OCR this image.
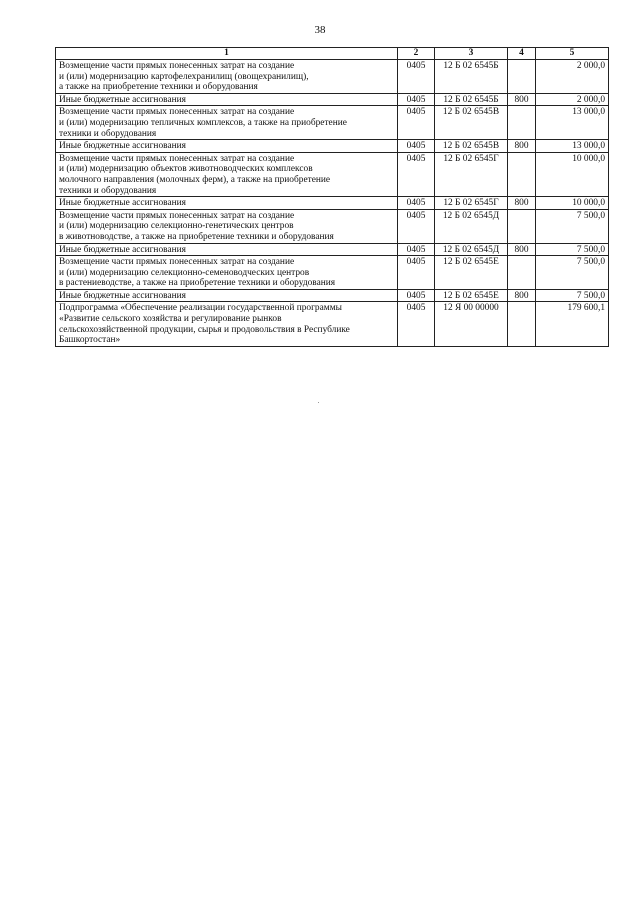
38
1	2	3	4	5
Возмещение части прямых понесенных затрат на создание
и (или) модернизацию картофелехранилищ (овощехранилищ),
а также на приобретение техники и оборудования	0405	12 Б 02 6545Б		2 000,0
Иные бюджетные ассигнования	0405	12 Б 02 6545Б	800	2 000,0
Возмещение части прямых понесенных затрат на создание
и (или) модернизацию тепличных комплексов, а также на приобретение
техники и оборудования	0405	12 Б 02 6545В		13 000,0
Иные бюджетные ассигнования	0405	12 Б 02 6545В	800	13 000,0
Возмещение части прямых понесенных затрат на создание
и (или) модернизацию объектов животноводческих комплексов
молочного направления (молочных ферм), а также на приобретение
техники и оборудования	0405	12 Б 02 6545Г		10 000,0
Иные бюджетные ассигнования	0405	12 Б 02 6545Г	800	10 000,0
Возмещение части прямых понесенных затрат на создание
и (или) модернизацию селекционно-генетических центров
в животноводстве, а также на приобретение техники и оборудования	0405	12 Б 02 6545Д		7 500,0
Иные бюджетные ассигнования	0405	12 Б 02 6545Д	800	7 500,0
Возмещение части прямых понесенных затрат на создание
и (или) модернизацию селекционно-семеноводческих центров
в растениеводстве, а также на приобретение техники и оборудования	0405	12 Б 02 6545Е		7 500,0
Иные бюджетные ассигнования	0405	12 Б 02 6545Е	800	7 500,0
Подпрограмма «Обеспечение реализации государственной программы
«Развитие сельского хозяйства и регулирование рынков
сельскохозяйственной продукции, сырья и продовольствия в Республике
Башкортостан»	0405	12 Я 00 00000		179 600,1
